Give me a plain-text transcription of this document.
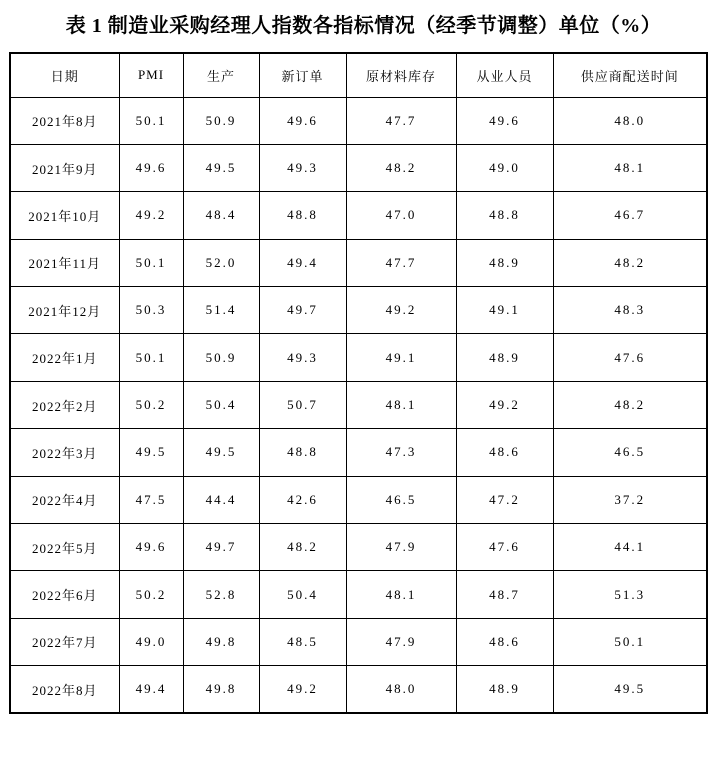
表 1 制造业采购经理人指数各指标情况（经季节调整）单位（%）
日期	PMI	生产	新订单	原材料库存	从业人员	供应商配送时间
2021年8月	50.1	50.9	49.6	47.7	49.6	48.0
2021年9月	49.6	49.5	49.3	48.2	49.0	48.1
2021年10月	49.2	48.4	48.8	47.0	48.8	46.7
2021年11月	50.1	52.0	49.4	47.7	48.9	48.2
2021年12月	50.3	51.4	49.7	49.2	49.1	48.3
2022年1月	50.1	50.9	49.3	49.1	48.9	47.6
2022年2月	50.2	50.4	50.7	48.1	49.2	48.2
2022年3月	49.5	49.5	48.8	47.3	48.6	46.5
2022年4月	47.5	44.4	42.6	46.5	47.2	37.2
2022年5月	49.6	49.7	48.2	47.9	47.6	44.1
2022年6月	50.2	52.8	50.4	48.1	48.7	51.3
2022年7月	49.0	49.8	48.5	47.9	48.6	50.1
2022年8月	49.4	49.8	49.2	48.0	48.9	49.5
